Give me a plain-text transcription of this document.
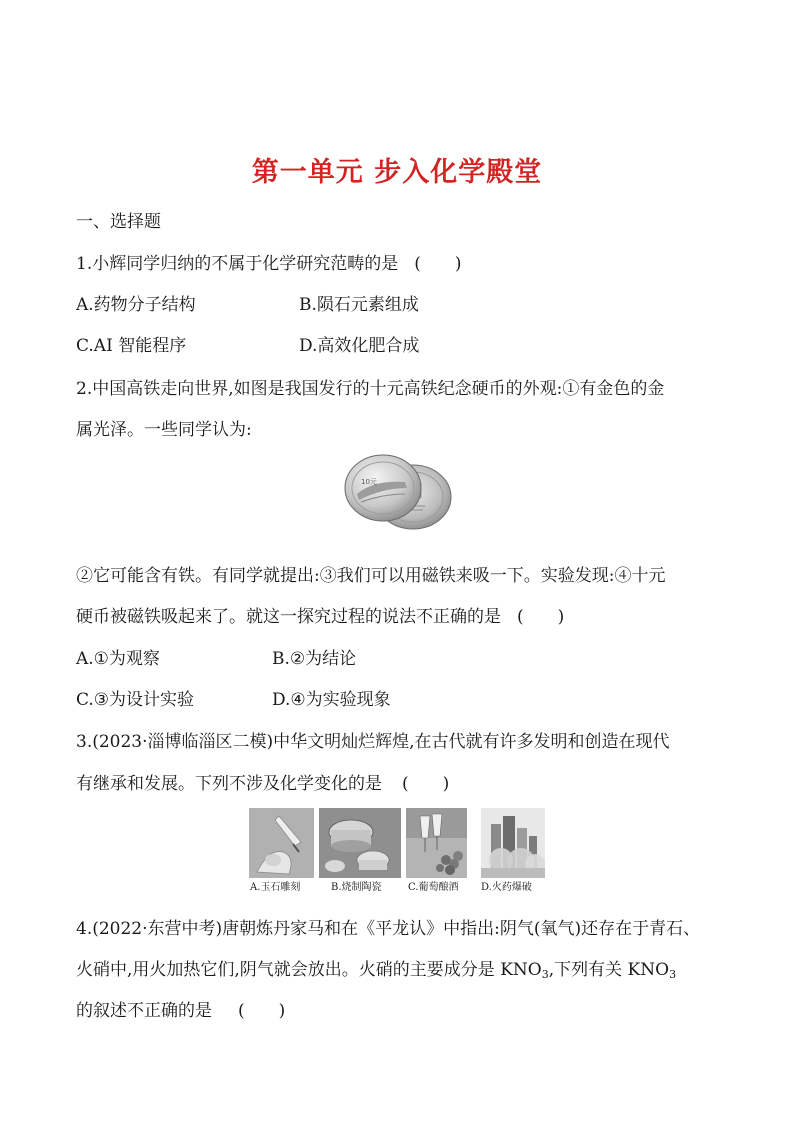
第一单元 步入化学殿堂
一、选择题
1.小辉同学归纳的不属于化学研究范畴的是 (　　)
A.药物分子结构	B.陨石元素组成
C.AI 智能程序	D.高效化肥合成
2.中国高铁走向世界,如图是我国发行的十元高铁纪念硬币的外观:①有金色的金
属光泽。一些同学认为:
10元
②它可能含有铁。有同学就提出:③我们可以用磁铁来吸一下。实验发现:④十元
硬币被磁铁吸起来了。就这一探究过程的说法不正确的是 (　　)
A.①为观察	B.②为结论
C.③为设计实验	D.④为实验现象
3.(2023·淄博临淄区二模)中华文明灿烂辉煌,在古代就有许多发明和创造在现代
有继承和发展。下列不涉及化学变化的是 (　　)
A.玉石雕刻	B.烧制陶瓷	C.葡萄酿酒 D.火药爆破
4.(2022·东营中考)唐朝炼丹家马和在《平龙认》中指出:阴气(氧气)还存在于青石、
火硝中,用火加热它们,阴气就会放出。火硝的主要成分是 $KNO_3$,下列有关 $KNO_3$
的叙述不正确的是 (　　)
